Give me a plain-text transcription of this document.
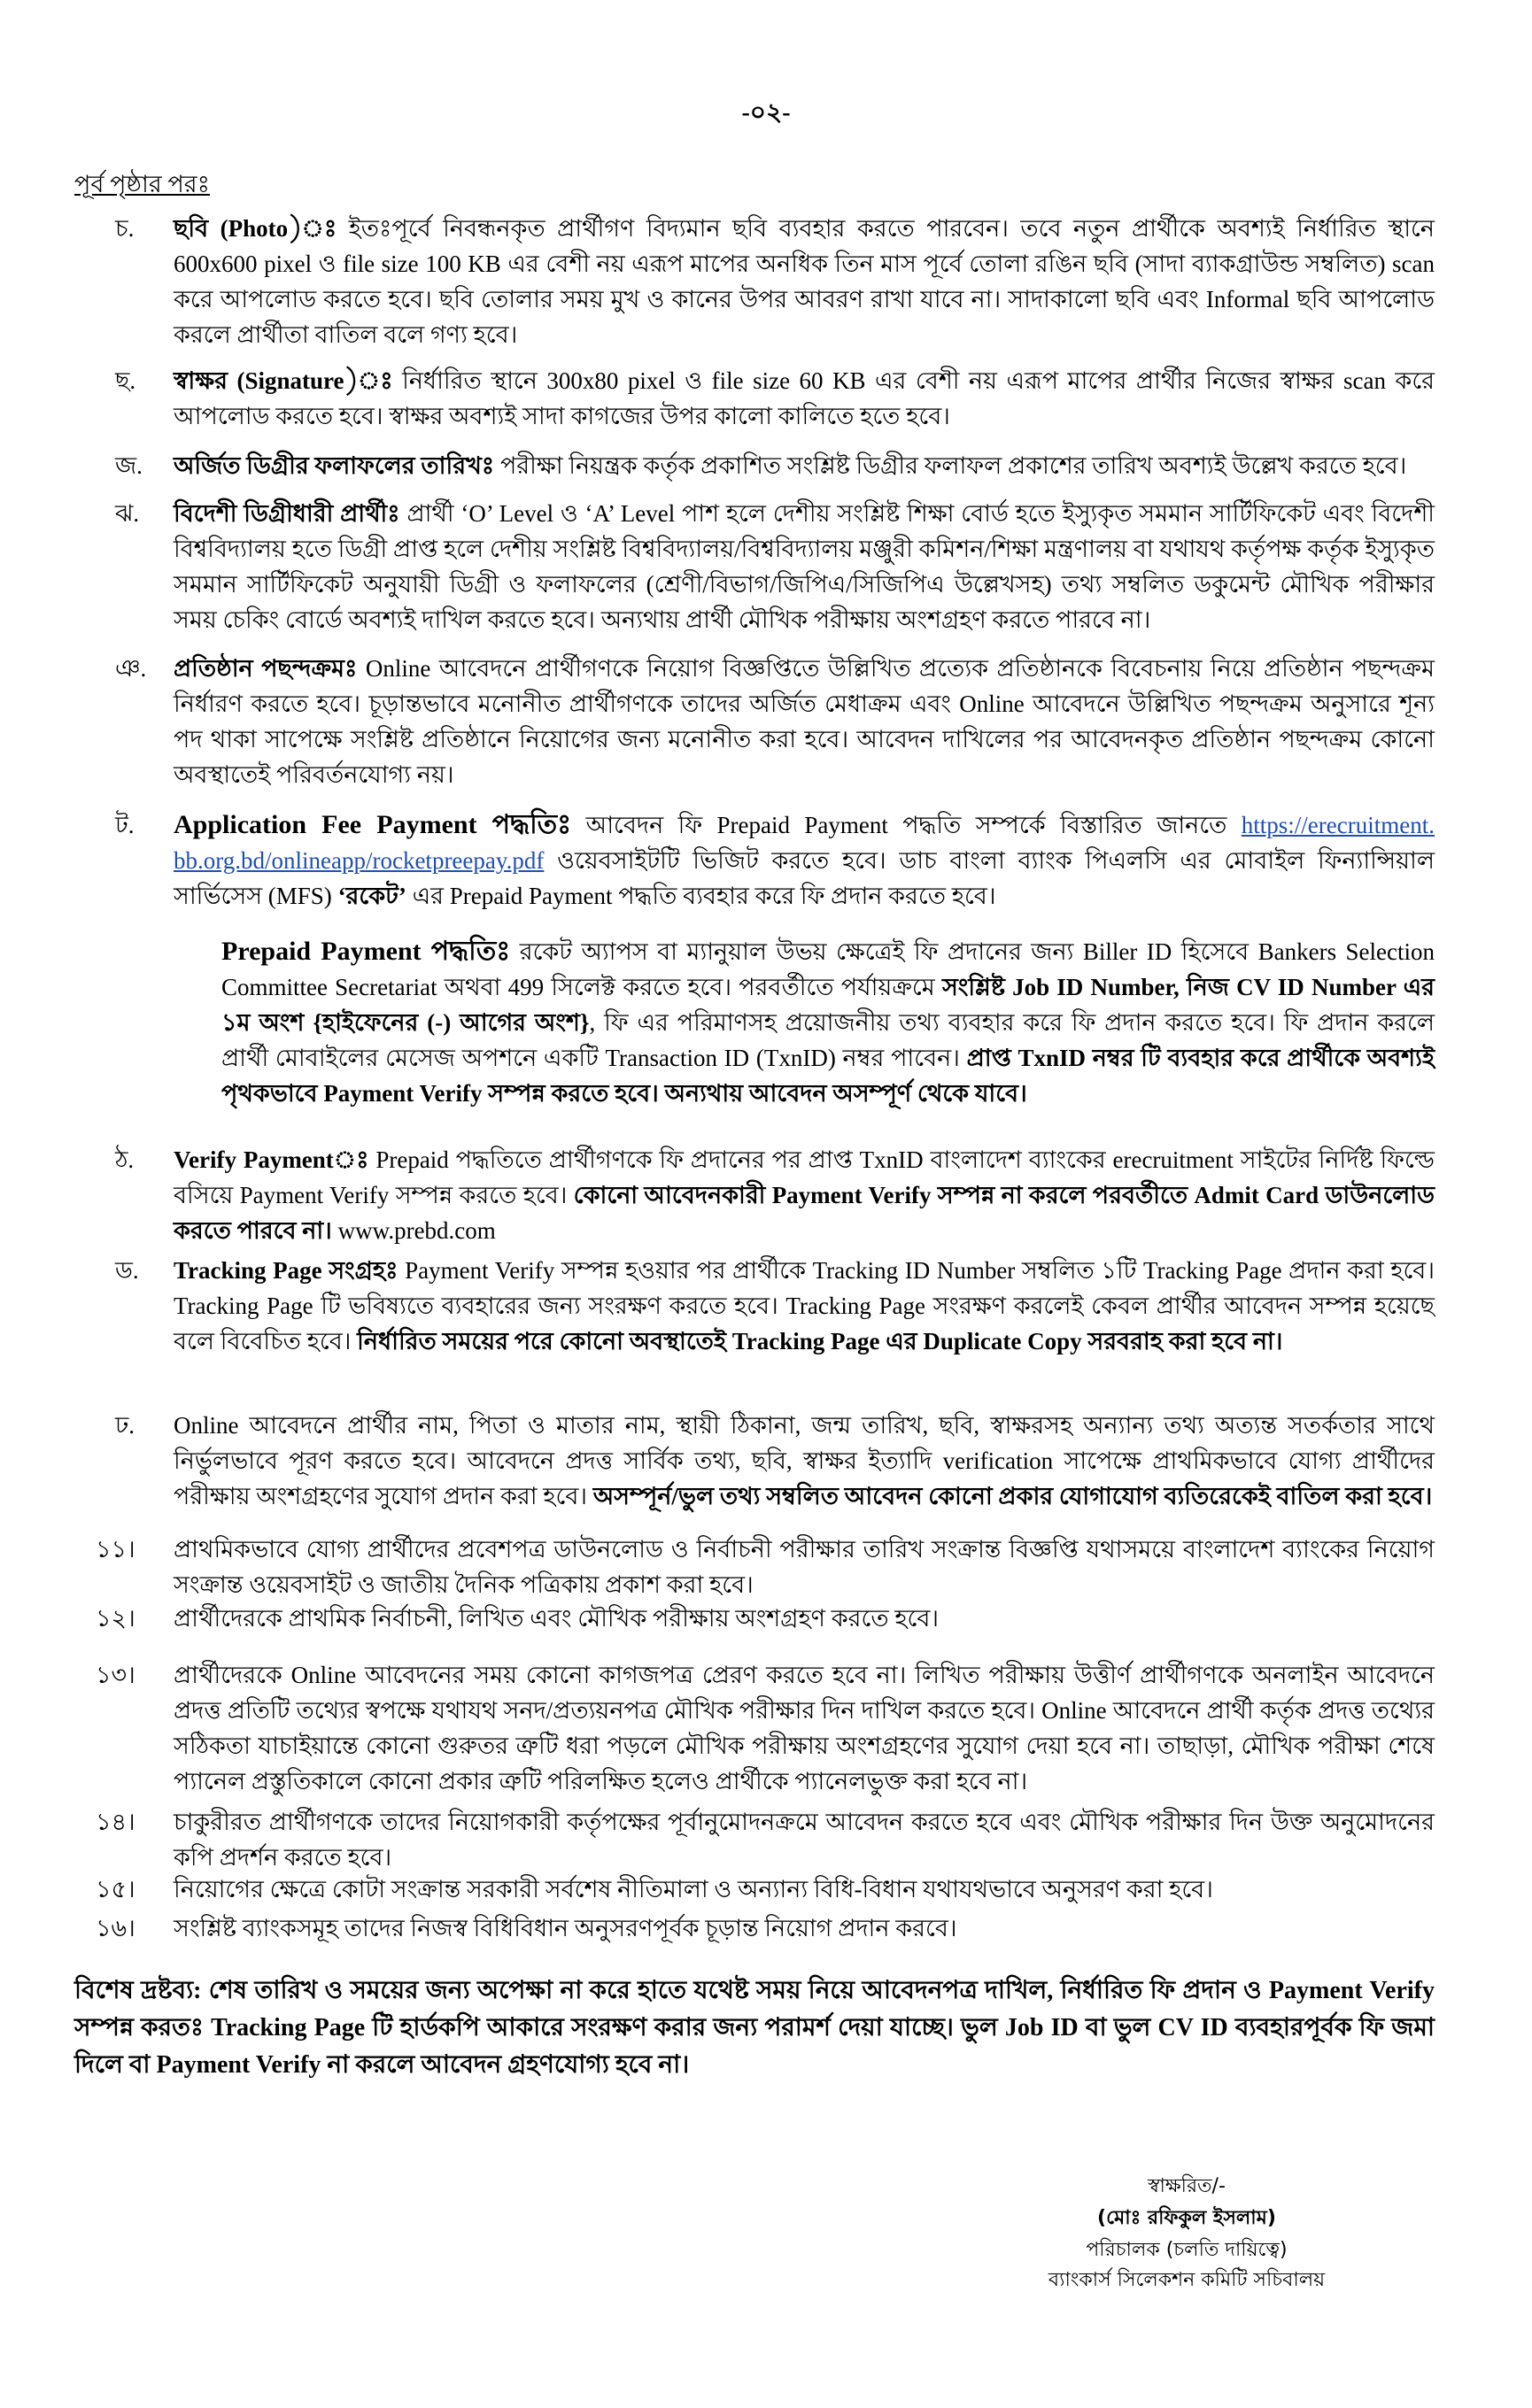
-০২-
পূর্ব পৃষ্ঠার পরঃ
চ.	ছবি (Photo)ঃ ইতঃপূর্বে নিবন্ধনকৃত প্রার্থীগণ বিদ্যমান ছবি ব্যবহার করতে পারবেন। তবে নতুন প্রার্থীকে অবশ্যই নির্ধারিত স্থানে 600x600 pixel ও file size 100 KB এর বেশী নয় এরূপ মাপের অনধিক তিন মাস পূর্বে তোলা রঙিন ছবি (সাদা ব্যাকগ্রাউন্ড সম্বলিত) scan করে আপলোড করতে হবে। ছবি তোলার সময় মুখ ও কানের উপর আবরণ রাখা যাবে না। সাদাকালো ছবি এবং Informal ছবি আপলোড করলে প্রার্থীতা বাতিল বলে গণ্য হবে।
ছ.	স্বাক্ষর (Signature)ঃ নির্ধারিত স্থানে 300x80 pixel ও file size 60 KB এর বেশী নয় এরূপ মাপের প্রার্থীর নিজের স্বাক্ষর scan করে আপলোড করতে হবে। স্বাক্ষর অবশ্যই সাদা কাগজের উপর কালো কালিতে হতে হবে।
জ.	অর্জিত ডিগ্রীর ফলাফলের তারিখঃ পরীক্ষা নিয়ন্ত্রক কর্তৃক প্রকাশিত সংশ্লিষ্ট ডিগ্রীর ফলাফল প্রকাশের তারিখ অবশ্যই উল্লেখ করতে হবে।
ঝ.	বিদেশী ডিগ্রীধারী প্রার্থীঃ প্রার্থী ‘O’ Level ও ‘A’ Level পাশ হলে দেশীয় সংশ্লিষ্ট শিক্ষা বোর্ড হতে ইস্যুকৃত সমমান সার্টিফিকেট এবং বিদেশী বিশ্ববিদ্যালয় হতে ডিগ্রী প্রাপ্ত হলে দেশীয় সংশ্লিষ্ট বিশ্ববিদ্যালয়/বিশ্ববিদ্যালয় মঞ্জুরী কমিশন/শিক্ষা মন্ত্রণালয় বা যথাযথ কর্তৃপক্ষ কর্তৃক ইস্যুকৃত সমমান সার্টিফিকেট অনুযায়ী ডিগ্রী ও ফলাফলের (শ্রেণী/বিভাগ/জিপিএ/সিজিপিএ উল্লেখসহ) তথ্য সম্বলিত ডকুমেন্ট মৌখিক পরীক্ষার সময় চেকিং বোর্ডে অবশ্যই দাখিল করতে হবে। অন্যথায় প্রার্থী মৌখিক পরীক্ষায় অংশগ্রহণ করতে পারবে না।
ঞ.	প্রতিষ্ঠান পছন্দক্রমঃ Online আবেদনে প্রার্থীগণকে নিয়োগ বিজ্ঞপ্তিতে উল্লিখিত প্রত্যেক প্রতিষ্ঠানকে বিবেচনায় নিয়ে প্রতিষ্ঠান পছন্দক্রম নির্ধারণ করতে হবে। চূড়ান্তভাবে মনোনীত প্রার্থীগণকে তাদের অর্জিত মেধাক্রম এবং Online আবেদনে উল্লিখিত পছন্দক্রম অনুসারে শূন্য পদ থাকা সাপেক্ষে সংশ্লিষ্ট প্রতিষ্ঠানে নিয়োগের জন্য মনোনীত করা হবে। আবেদন দাখিলের পর আবেদনকৃত প্রতিষ্ঠান পছন্দক্রম কোনো অবস্থাতেই পরিবর্তনযোগ্য নয়।
ট.	Application Fee Payment পদ্ধতিঃ আবেদন ফি Prepaid Payment পদ্ধতি সম্পর্কে বিস্তারিত জানতে https://erecruitment. bb.org.bd/onlineapp/rocketpreepay.pdf ওয়েবসাইটটি ভিজিট করতে হবে। ডাচ বাংলা ব্যাংক পিএলসি এর মোবাইল ফিন্যান্সিয়াল সার্ভিসেস (MFS) ‘রকেট’ এর Prepaid Payment পদ্ধতি ব্যবহার করে ফি প্রদান করতে হবে।
Prepaid Payment পদ্ধতিঃ রকেট অ্যাপস বা ম্যানুয়াল উভয় ক্ষেত্রেই ফি প্রদানের জন্য Biller ID হিসেবে Bankers Selection Committee Secretariat অথবা 499 সিলেক্ট করতে হবে। পরবর্তীতে পর্যায়ক্রমে সংশ্লিষ্ট Job ID Number, নিজ CV ID Number এর ১ম অংশ {হাইফেনের (-) আগের অংশ}, ফি এর পরিমাণসহ প্রয়োজনীয় তথ্য ব্যবহার করে ফি প্রদান করতে হবে। ফি প্রদান করলে প্রার্থী মোবাইলের মেসেজ অপশনে একটি Transaction ID (TxnID) নম্বর পাবেন। প্রাপ্ত TxnID নম্বর টি ব্যবহার করে প্রার্থীকে অবশ্যই পৃথকভাবে Payment Verify সম্পন্ন করতে হবে। অন্যথায় আবেদন অসম্পূর্ণ থেকে যাবে।
ঠ.	Verify Paymentঃ Prepaid পদ্ধতিতে প্রার্থীগণকে ফি প্রদানের পর প্রাপ্ত TxnID বাংলাদেশ ব্যাংকের erecruitment সাইটের নির্দিষ্ট ফিল্ডে বসিয়ে Payment Verify সম্পন্ন করতে হবে। কোনো আবেদনকারী Payment Verify সম্পন্ন না করলে পরবর্তীতে Admit Card ডাউনলোড করতে পারবে না। www.prebd.com
ড.	Tracking Page সংগ্রহঃ Payment Verify সম্পন্ন হওয়ার পর প্রার্থীকে Tracking ID Number সম্বলিত ১টি Tracking Page প্রদান করা হবে। Tracking Page টি ভবিষ্যতে ব্যবহারের জন্য সংরক্ষণ করতে হবে। Tracking Page সংরক্ষণ করলেই কেবল প্রার্থীর আবেদন সম্পন্ন হয়েছে বলে বিবেচিত হবে। নির্ধারিত সময়ের পরে কোনো অবস্থাতেই Tracking Page এর Duplicate Copy সরবরাহ করা হবে না।
ঢ.	Online আবেদনে প্রার্থীর নাম, পিতা ও মাতার নাম, স্থায়ী ঠিকানা, জন্ম তারিখ, ছবি, স্বাক্ষরসহ অন্যান্য তথ্য অত্যন্ত সতর্কতার সাথে নির্ভুলভাবে পূরণ করতে হবে। আবেদনে প্রদত্ত সার্বিক তথ্য, ছবি, স্বাক্ষর ইত্যাদি verification সাপেক্ষে প্রাথমিকভাবে যোগ্য প্রার্থীদের পরীক্ষায় অংশগ্রহণের সুযোগ প্রদান করা হবে। অসম্পূর্ন/ভুল তথ্য সম্বলিত আবেদন কোনো প্রকার যোগাযোগ ব্যতিরেকেই বাতিল করা হবে।
১১।	প্রাথমিকভাবে যোগ্য প্রার্থীদের প্রবেশপত্র ডাউনলোড ও নির্বাচনী পরীক্ষার তারিখ সংক্রান্ত বিজ্ঞপ্তি যথাসময়ে বাংলাদেশ ব্যাংকের নিয়োগ সংক্রান্ত ওয়েবসাইট ও জাতীয় দৈনিক পত্রিকায় প্রকাশ করা হবে।
১২।	প্রার্থীদেরকে প্রাথমিক নির্বাচনী, লিখিত এবং মৌখিক পরীক্ষায় অংশগ্রহণ করতে হবে।
১৩।	প্রার্থীদেরকে Online আবেদনের সময় কোনো কাগজপত্র প্রেরণ করতে হবে না। লিখিত পরীক্ষায় উত্তীর্ণ প্রার্থীগণকে অনলাইন আবেদনে প্রদত্ত প্রতিটি তথ্যের স্বপক্ষে যথাযথ সনদ/প্রত্যয়নপত্র মৌখিক পরীক্ষার দিন দাখিল করতে হবে। Online আবেদনে প্রার্থী কর্তৃক প্রদত্ত তথ্যের সঠিকতা যাচাইয়ান্তে কোনো গুরুতর ত্রুটি ধরা পড়লে মৌখিক পরীক্ষায় অংশগ্রহণের সুযোগ দেয়া হবে না। তাছাড়া, মৌখিক পরীক্ষা শেষে প্যানেল প্রস্তুতিকালে কোনো প্রকার ত্রুটি পরিলক্ষিত হলেও প্রার্থীকে প্যানেলভুক্ত করা হবে না।
১৪।	চাকুরীরত প্রার্থীগণকে তাদের নিয়োগকারী কর্তৃপক্ষের পূর্বানুমোদনক্রমে আবেদন করতে হবে এবং মৌখিক পরীক্ষার দিন উক্ত অনুমোদনের কপি প্রদর্শন করতে হবে।
১৫।	নিয়োগের ক্ষেত্রে কোটা সংক্রান্ত সরকারী সর্বশেষ নীতিমালা ও অন্যান্য বিধি-বিধান যথাযথভাবে অনুসরণ করা হবে।
১৬।	সংশ্লিষ্ট ব্যাংকসমূহ তাদের নিজস্ব বিধিবিধান অনুসরণপূর্বক চূড়ান্ত নিয়োগ প্রদান করবে।
বিশেষ দ্রষ্টব্য: শেষ তারিখ ও সময়ের জন্য অপেক্ষা না করে হাতে যথেষ্ট সময় নিয়ে আবেদনপত্র দাখিল, নির্ধারিত ফি প্রদান ও Payment Verify সম্পন্ন করতঃ Tracking Page টি হার্ডকপি আকারে সংরক্ষণ করার জন্য পরামর্শ দেয়া যাচ্ছে। ভুল Job ID বা ভুল CV ID ব্যবহারপূর্বক ফি জমা দিলে বা Payment Verify না করলে আবেদন গ্রহণযোগ্য হবে না।
স্বাক্ষরিত/-
(মোঃ রফিকুল ইসলাম)
পরিচালক (চলতি দায়িত্বে)
ব্যাংকার্স সিলেকশন কমিটি সচিবালয়
